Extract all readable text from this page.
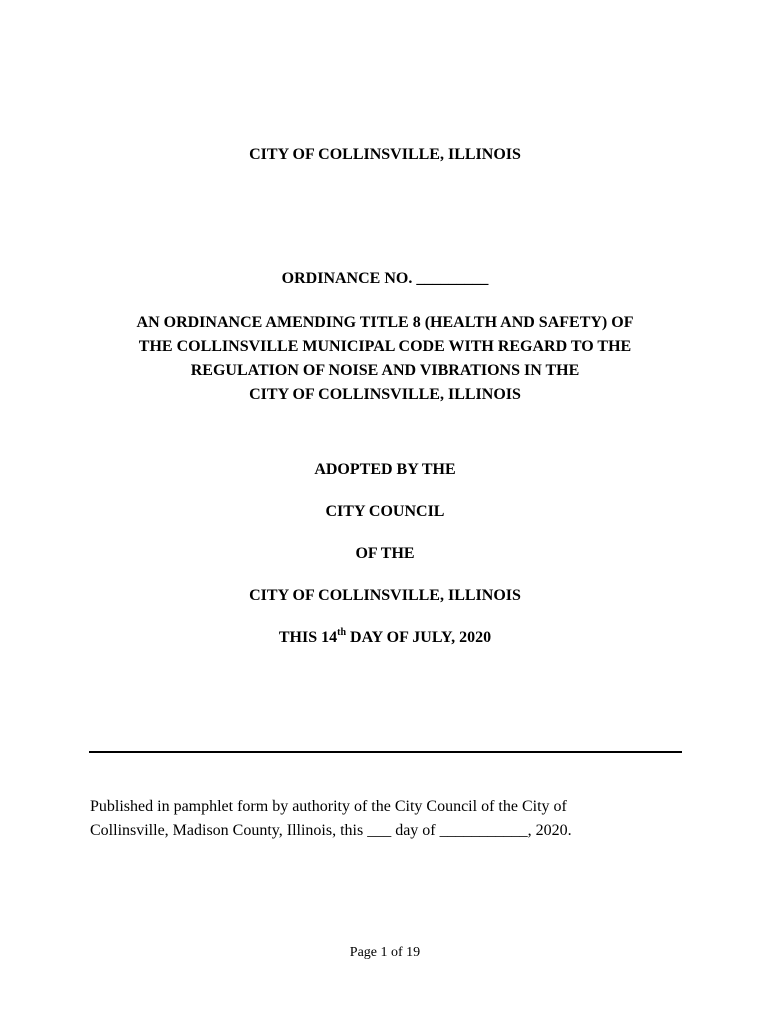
CITY OF COLLINSVILLE, ILLINOIS
ORDINANCE NO. _________
AN ORDINANCE AMENDING TITLE 8 (HEALTH AND SAFETY) OF
THE COLLINSVILLE MUNICIPAL CODE WITH REGARD TO THE
REGULATION OF NOISE AND VIBRATIONS IN THE
CITY OF COLLINSVILLE, ILLINOIS
ADOPTED BY THE
CITY COUNCIL
OF THE
CITY OF COLLINSVILLE, ILLINOIS
THIS 14th DAY OF JULY, 2020
Published in pamphlet form by authority of the City Council of the City of
Collinsville, Madison County, Illinois, this ___ day of ___________, 2020.
Page 1 of 19
